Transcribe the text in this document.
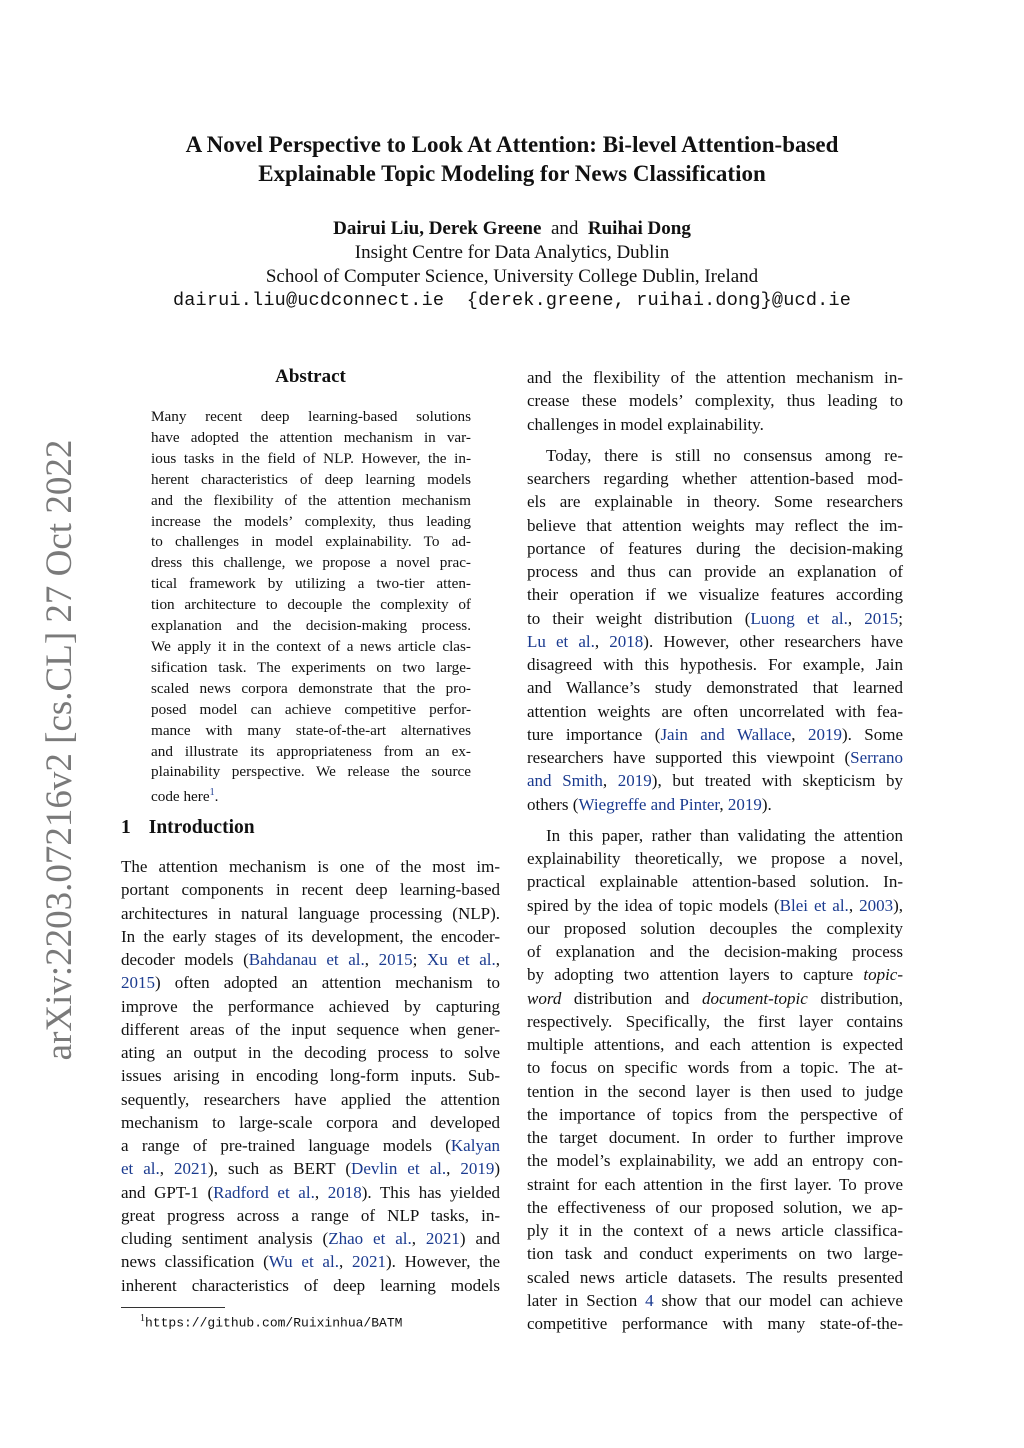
arXiv:2203.07216v2 [cs.CL] 27 Oct 2022
A Novel Perspective to Look At Attention: Bi-level Attention-based
Explainable Topic Modeling for News Classification
Dairui Liu, Derek Greene and Ruihai Dong
Insight Centre for Data Analytics, Dublin
School of Computer Science, University College Dublin, Ireland
dairui.liu@ucdconnect.ie  {derek.greene, ruihai.dong}@ucd.ie
Abstract
Many recent deep learning-based solutions
have adopted the attention mechanism in var-
ious tasks in the field of NLP. However, the in-
herent characteristics of deep learning models
and the flexibility of the attention mechanism
increase the models’ complexity, thus leading
to challenges in model explainability. To ad-
dress this challenge, we propose a novel prac-
tical framework by utilizing a two-tier atten-
tion architecture to decouple the complexity of
explanation and the decision-making process.
We apply it in the context of a news article clas-
sification task. The experiments on two large-
scaled news corpora demonstrate that the pro-
posed model can achieve competitive perfor-
mance with many state-of-the-art alternatives
and illustrate its appropriateness from an ex-
plainability perspective. We release the source
code here$^1$.
1 Introduction
The attention mechanism is one of the most im-
portant components in recent deep learning-based
architectures in natural language processing (NLP).
In the early stages of its development, the encoder-
decoder models (Bahdanau et al., 2015; Xu et al.,
2015) often adopted an attention mechanism to
improve the performance achieved by capturing
different areas of the input sequence when gener-
ating an output in the decoding process to solve
issues arising in encoding long-form inputs. Sub-
sequently, researchers have applied the attention
mechanism to large-scale corpora and developed
a range of pre-trained language models (Kalyan
et al., 2021), such as BERT (Devlin et al., 2019)
and GPT-1 (Radford et al., 2018). This has yielded
great progress across a range of NLP tasks, in-
cluding sentiment analysis (Zhao et al., 2021) and
news classification (Wu et al., 2021). However, the
inherent characteristics of deep learning models
and the flexibility of the attention mechanism in-
crease these models’ complexity, thus leading to
challenges in model explainability.
Today, there is still no consensus among re-
searchers regarding whether attention-based mod-
els are explainable in theory. Some researchers
believe that attention weights may reflect the im-
portance of features during the decision-making
process and thus can provide an explanation of
their operation if we visualize features according
to their weight distribution (Luong et al., 2015;
Lu et al., 2018). However, other researchers have
disagreed with this hypothesis. For example, Jain
and Wallance’s study demonstrated that learned
attention weights are often uncorrelated with fea-
ture importance (Jain and Wallace, 2019). Some
researchers have supported this viewpoint (Serrano
and Smith, 2019), but treated with skepticism by
others (Wiegreffe and Pinter, 2019).
In this paper, rather than validating the attention
explainability theoretically, we propose a novel,
practical explainable attention-based solution. In-
spired by the idea of topic models (Blei et al., 2003),
our proposed solution decouples the complexity
of explanation and the decision-making process
by adopting two attention layers to capture topic-
word distribution and document-topic distribution,
respectively. Specifically, the first layer contains
multiple attentions, and each attention is expected
to focus on specific words from a topic. The at-
tention in the second layer is then used to judge
the importance of topics from the perspective of
the target document. In order to further improve
the model’s explainability, we add an entropy con-
straint for each attention in the first layer. To prove
the effectiveness of our proposed solution, we ap-
ply it in the context of a news article classifica-
tion task and conduct experiments on two large-
scaled news article datasets. The results presented
later in Section 4 show that our model can achieve
competitive performance with many state-of-the-
$^1$https://github.com/Ruixinhua/BATM
